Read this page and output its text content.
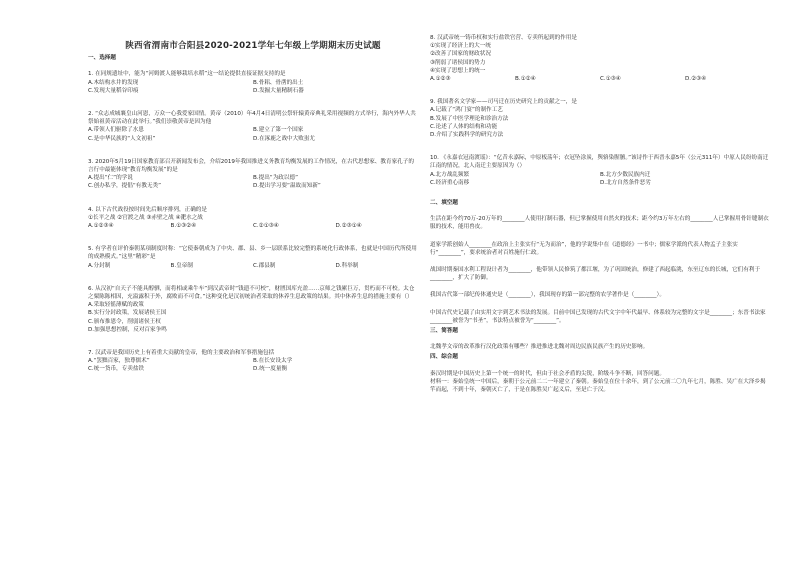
陕西省渭南市合阳县2020-2021学年七年级上学期期末历史试题
一、选择题

1. 在同规遗址中，能为“河姆渡人能够栽培水稻”这一结论提供直接证据支持的是

A.木结构水井的发现	B.骨耜、骨凿的出土
C.发现大量稻谷印痕	D.发掘大量精制石器

2. “众志成城襄皇山河恩，万众一心我爱家国情。黄帝（2010）年4月4日清明公祭轩辕黄帝典礼采用视频的方式举行，海内外华人共祭始祖黄帝活动在此举行。”我们崇敬黄帝是因为他

A.带领人们驱除了水患	B.建立了第一个国家
C.是中华民族的“人文初祖”	D.在涿鹿之战中大败蚩尤

3. 2020年5月19日国家教育部召开新闻发布会，介绍2019年我国推进义务教育均衡发展的工作情况，在古代思想家、教育家孔子的言行中最能体现“教育均衡发展”的是

A.提出“仁”的学说	B.提出“为政以德”
C.创办私学，提倡“有教无类”	D.提出学习要“温故而知新”

4. 以下古代战役按时间先后顺序排列，正确的是

①长平之战 ②官渡之战 ③赤壁之战 ④淝水之战

A.①②③④	B.①③②④	C.②①③④	D.②③①④

5. 有学者在评价秦朝某项制度时称：“它使秦朝成为了中央、郡、县、乡一层联系比较完整的系统化行政体系，也就是中国历代所使用的成熟模式。”这里“精彩”是

A.分封制	B.皇帝制	C.郡县制	D.科举制

6. 从汉初“自天子不能具醇驷，而将相或乘牛车”到汉武帝时“钱遗不可校”，财匮国库充盈……京师之钱累巨万，贯朽而不可校。太仓之粟陈陈相因，充溢露积于外，腐败而不可食。”这种变化是汉初统治者采取的休养生息政策的结果。其中休养生息的措施主要有（）

A.采取轻徭薄赋的政策

B.实行分封政策，发展诸侯王国

C.颁布推恩令，削弱诸侯王权

D.加强思想控制，反对百家争鸣

7. 汉武帝是我国历史上有着重大贡献的皇帝，他的主要政治和军事措施包括

A.“罢黜百家，独尊儒术”	B.在长安设太学
C.统一货币，专卖盐铁	D.统一度量衡

8. 汉武帝统一铸币权和实行盐铁官营、专卖所起到的作用是

①实现了经济上的大一统

②改善了国家的财政状况

③削弱了诸侯国的势力

④实现了思想上的统一

A.①②③	B.①②④	C.①③④	D.②③④

9. 我国著名文学家——司马迁在历史研究上的贡献之一，是

A.记载了“鸿门宴”的制作工艺

B.发展了中医学理论和诊治方法

C.论述了人体的结构和功能

D.介绍了实践科学的研究方法

10. 《永嘉衣冠南渡谣》：“亿昔永嘉际，中原板荡年；衣冠坠涂炭，舆辂染腥膻。”该诗作于西晋永嘉5年（公元311年）中原人民纷纷南迁江南的情况，北人南迁主要原因为（）

A.北方战乱频繁	B.北方少数民族内迁
C.经济重心南移	D.北方自然条件恶劣
二、填空题

生活在距今约70万-20万年的________人使用打制石器，但已掌握使用自然火的技术；距今约3万年左右的________人已掌握用骨针缝制衣服的技术，能用兽皮。

道家学派创始人________在政治上主张实行“无为而治”，他的学说集中在《道德经》一书中；儒家学派的代表人物孟子主张实行“________”，要求统治者对百姓施行仁政。

战国时期秦国水利工程设计者为________，他带领人民修筑了都江堰，为了巩固统治，修建了西起临洮，东至辽东的长城，它们有利于________，扩大了防御。

我国古代第一部纪传体通史是（________），我国现存的第一部完整的农学著作是（________）。

中国古代史记载了由实用文字到艺术书法的发展。目前中国已发现的古代文字中年代最早、体系较为完整的文字是________；东晋书法家________被誉为“书圣”，书法特点被誉为“________”。

三、简答题

北魏孝文帝的改革推行汉化政策有哪些？推进推进北魏对周边民族民族产生的历史影响。

四、综合题

秦汉时期是中国历史上第一个统一的时代，但由于社会矛盾的尖锐，阶级斗争不断，回答问题。

材料一：秦始皇统一中国后，秦朝于公元前二二一年建立了秦朝。秦始皇在位十余年，到了公元前二〇九年七月，陈胜、吴广在大泽乡揭竿而起，不到十年，秦朝灭亡了，于是在陈胜吴广起义后，至是亡于汉。
